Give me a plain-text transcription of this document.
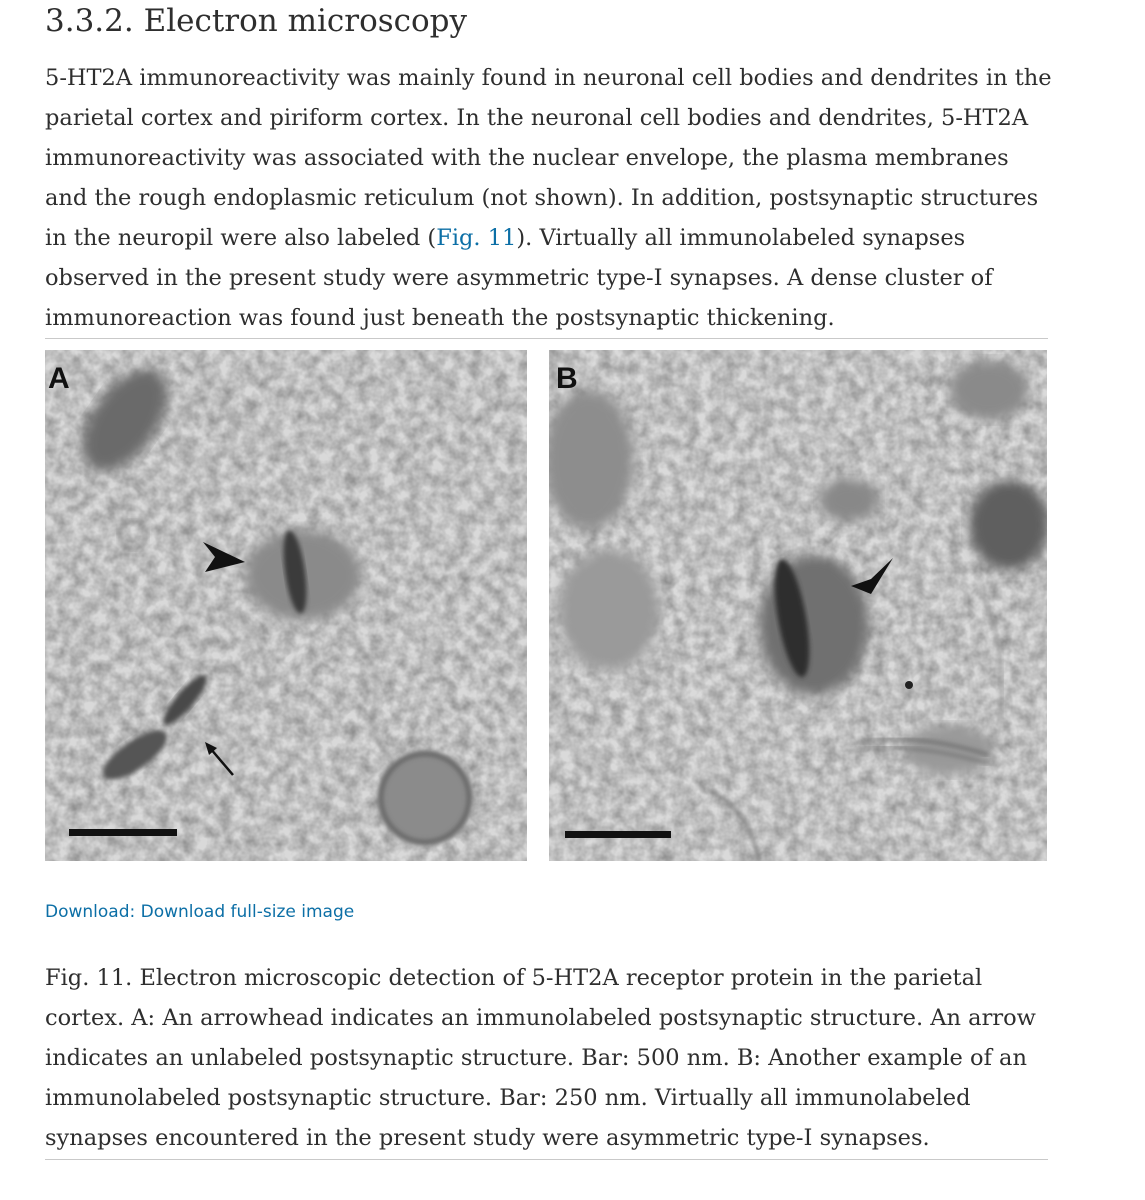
3.3.2. Electron microscopy

5-HT2A immunoreactivity was mainly found in neuronal cell bodies and dendrites in the parietal cortex and piriform cortex. In the neuronal cell bodies and dendrites, 5-HT2A immunoreactivity was associated with the nuclear envelope, the plasma membranes and the rough endoplasmic reticulum (not shown). In addition, postsynaptic structures in the neuropil were also labeled (Fig. 11). Virtually all immunolabeled synapses observed in the present study were asymmetric type-I synapses. A dense cluster of immunoreaction was found just beneath the postsynaptic thickening.

A	B

Download: Download full-size image

Fig. 11. Electron microscopic detection of 5-HT2A receptor protein in the parietal cortex. A: An arrowhead indicates an immunolabeled postsynaptic structure. An arrow indicates an unlabeled postsynaptic structure. Bar: 500 nm. B: Another example of an immunolabeled postsynaptic structure. Bar: 250 nm. Virtually all immunolabeled synapses encountered in the present study were asymmetric type-I synapses.
